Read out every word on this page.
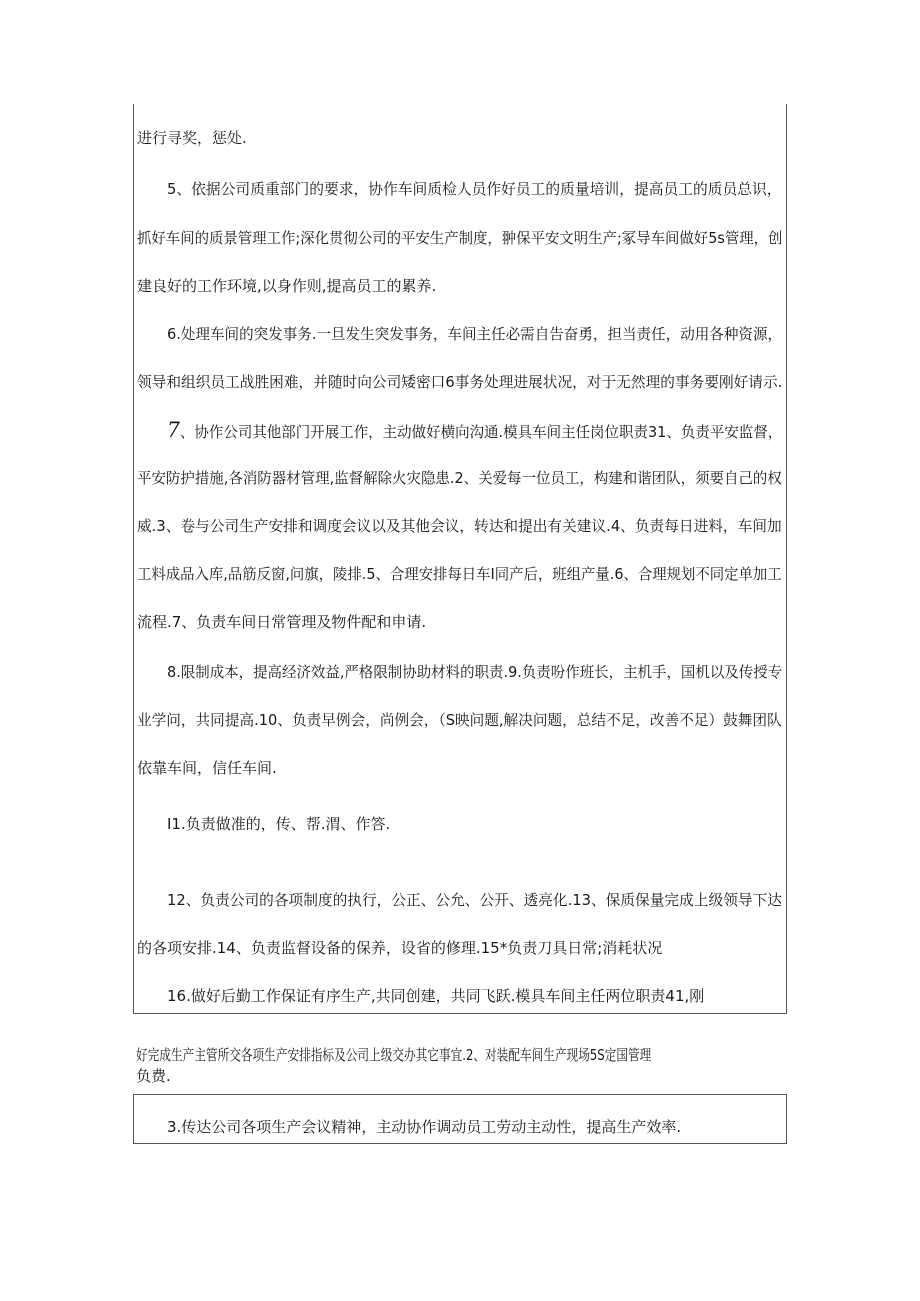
进行寻奖，惩处.
5、依据公司质重部门的要求，协作车间质检人员作好员工的质量培训，提高员工的质员总识，
抓好车间的质景管理工作;深化贯彻公司的平安生产制度，翀保平安文明生产;冢导车间做好5s管理，创
建良好的工作环境,以身作则,提高员工的累养.
6.处理车间的突发事务.一旦发生突发事务，车间主任必需自告奋勇，担当责任，动用各种资源，
领导和组织员工战胜困难，并随时向公司矮密口6事务处理进展状况，对于无然理的事务要刚好请示.
7、协作公司其他部门开展工作，主动做好横向沟通.模具车间主任岗位职责31、负责平安监督，
平安防护措施,各消防器材管理,监督解除火灾隐患.2、关爱每一位员工，构建和谐团队，须要自己的权
威.3、卷与公司生产安排和调度会议以及其他会议，转达和提出有关建议.4、负责每日进料，车间加
工料成品入库,品筋反窗,问旗，陵排.5、合理安排每日车I同产后，班组产量.6、合理规划不同定单加工
流程.7、负责车间日常管理及物件配和申请.
8.限制成本，提高经济效益,严格限制协助材料的职责.9.负责吩作班长，主机手，国机以及传授专
业学问，共同提高.10、负责早例会，尚例会，（S映问题,解决问题，总结不足，改善不足）鼓舞团队
依靠车间，信任车间.
I1.负责做准的，传、帮.渭、作答.
12、负责公司的各项制度的执行，公正、公允、公开、透亮化.13、保质保量完成上级领导下达
的各项安排.14、负责监督设备的保养，设省的修理.15*负责刀具日常;消耗状况
16.做好后勤工作保证有序生产,共同创建，共同飞跃.模具车间主任两位职责41,刚
好完成生产主管所交各项生产安排指标及公司上级交办其它事宜.2、对装配车间生产现场5S定国管理
负费.
3.传达公司各项生产会议精神，主动协作调动员工劳动主动性，提高生产效率.
